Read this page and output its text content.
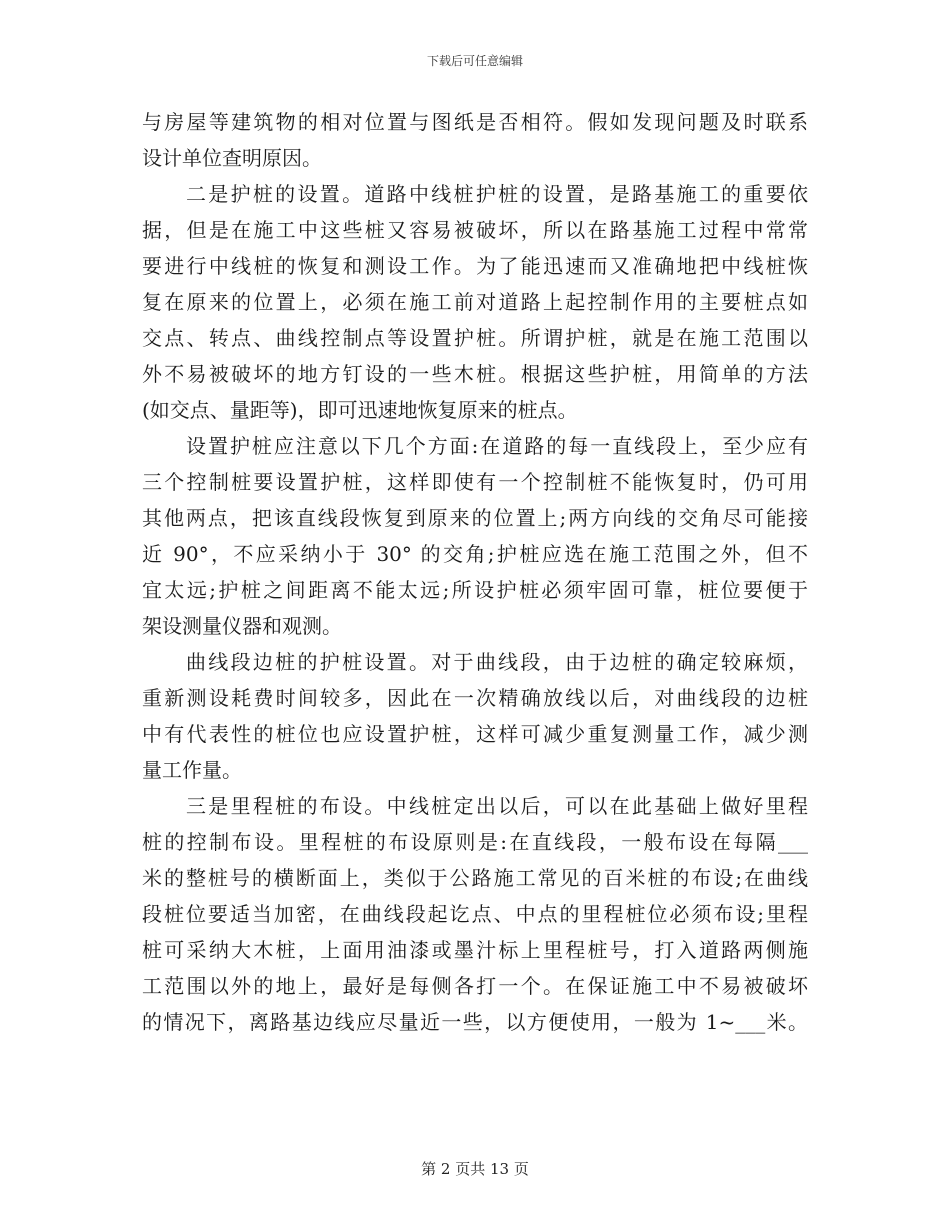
下载后可任意编辑
与房屋等建筑物的相对位置与图纸是否相符。假如发现问题及时联系
设计单位查明原因。
二是护桩的设置。道路中线桩护桩的设置，是路基施工的重要依
据，但是在施工中这些桩又容易被破坏，所以在路基施工过程中常常
要进行中线桩的恢复和测设工作。为了能迅速而又准确地把中线桩恢
复在原来的位置上，必须在施工前对道路上起控制作用的主要桩点如
交点、转点、曲线控制点等设置护桩。所谓护桩，就是在施工范围以
外不易被破坏的地方钉设的一些木桩。根据这些护桩，用简单的方法
(如交点、量距等)，即可迅速地恢复原来的桩点。
设置护桩应注意以下几个方面:在道路的每一直线段上，至少应有
三个控制桩要设置护桩，这样即使有一个控制桩不能恢复时，仍可用
其他两点，把该直线段恢复到原来的位置上;两方向线的交角尽可能接
近 90°，不应采纳小于 30° 的交角;护桩应选在施工范围之外，但不
宜太远;护桩之间距离不能太远;所设护桩必须牢固可靠，桩位要便于
架设测量仪器和观测。
曲线段边桩的护桩设置。对于曲线段，由于边桩的确定较麻烦，
重新测设耗费时间较多，因此在一次精确放线以后，对曲线段的边桩
中有代表性的桩位也应设置护桩，这样可减少重复测量工作，减少测
量工作量。
三是里程桩的布设。中线桩定出以后，可以在此基础上做好里程
桩的控制布设。里程桩的布设原则是:在直线段，一般布设在每隔___
米的整桩号的横断面上，类似于公路施工常见的百米桩的布设;在曲线
段桩位要适当加密，在曲线段起讫点、中点的里程桩位必须布设;里程
桩可采纳大木桩，上面用油漆或墨汁标上里程桩号，打入道路两侧施
工范围以外的地上，最好是每侧各打一个。在保证施工中不易被破坏
的情况下，离路基边线应尽量近一些，以方便使用，一般为 1~___米。
第 2 页共 13 页
